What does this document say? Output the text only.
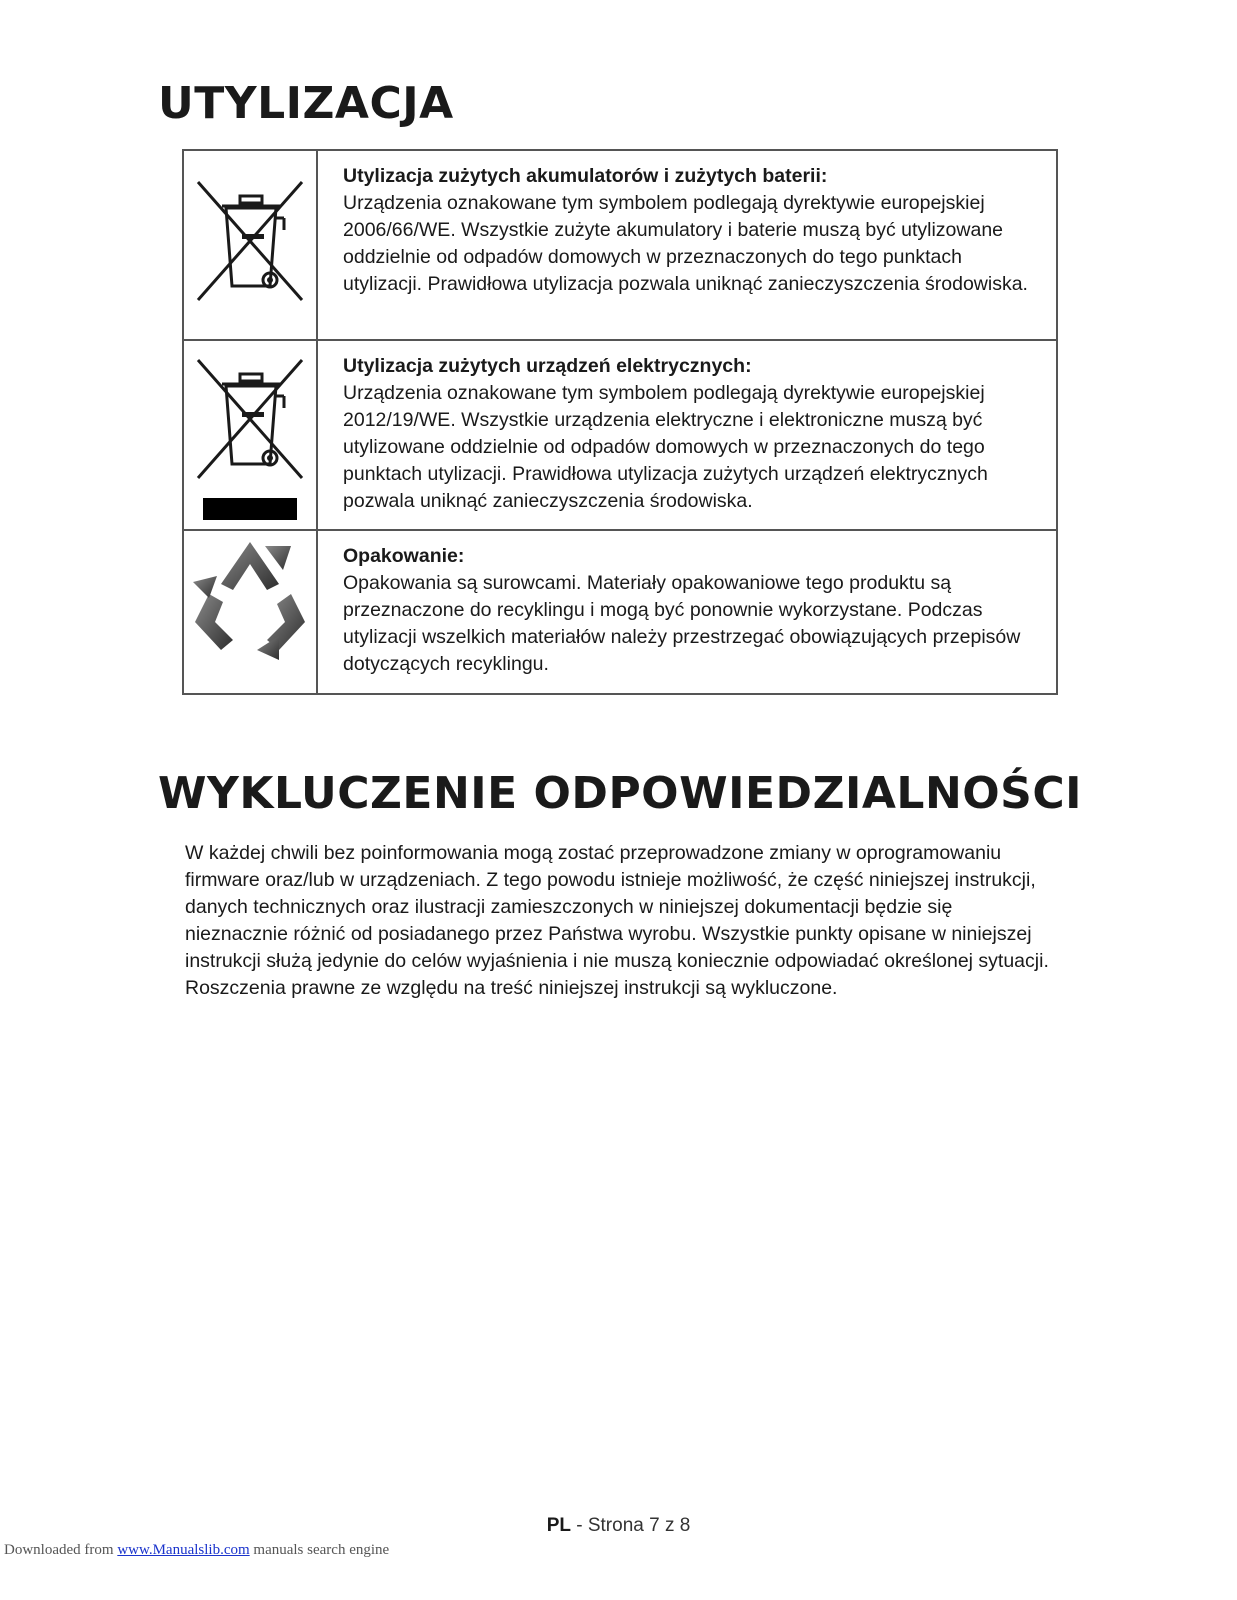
UTYLIZACJA

Utylizacja zużytych akumulatorów i zużytych baterii:
Urządzenia oznakowane tym symbolem podlegają dyrektywie europejskiej 2006/66/WE. Wszystkie zużyte akumulatory i baterie muszą być utylizowane oddzielnie od odpadów domowych w przeznaczonych do tego punktach utylizacji. Prawidłowa utylizacja pozwala uniknąć zanieczyszczenia środowiska.

Utylizacja zużytych urządzeń elektrycznych:
Urządzenia oznakowane tym symbolem podlegają dyrektywie europejskiej 2012/19/WE. Wszystkie urządzenia elektryczne i elektroniczne muszą być utylizowane oddzielnie od odpadów domowych w przeznaczonych do tego punktach utylizacji. Prawidłowa utylizacja zużytych urządzeń elektrycznych pozwala uniknąć zanieczyszczenia środowiska.

Opakowanie:
Opakowania są surowcami. Materiały opakowaniowe tego produktu są przeznaczone do recyklingu i mogą być ponownie wykorzystane. Podczas utylizacji wszelkich materiałów należy przestrzegać obowiązujących przepisów dotyczących recyklingu.
WYKLUCZENIE ODPOWIEDZIALNOŚCI

W każdej chwili bez poinformowania mogą zostać przeprowadzone zmiany w oprogramowaniu firmware oraz/lub w urządzeniach. Z tego powodu istnieje możliwość, że część niniejszej instrukcji, danych technicznych oraz ilustracji zamieszczonych w niniejszej dokumentacji będzie się nieznacznie różnić od posiadanego przez Państwa wyrobu. Wszystkie punkty opisane w niniejszej instrukcji służą jedynie do celów wyjaśnienia i nie muszą koniecznie odpowiadać określonej sytuacji. Roszczenia prawne ze względu na treść niniejszej instrukcji są wykluczone.

PL - Strona 7 z 8
Downloaded from www.Manualslib.com manuals search engine
